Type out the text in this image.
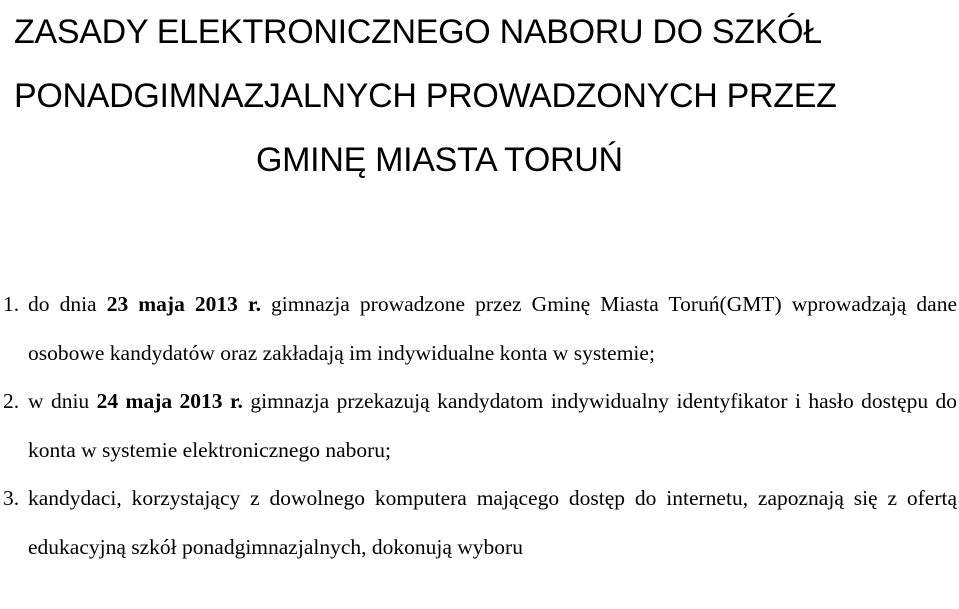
ZASADY ELEKTRONICZNEGO NABORU DO SZKÓŁ
PONADGIMNAZJALNYCH PROWADZONYCH PRZEZ
GMINĘ MIASTA TORUŃ
1. do dnia 23 maja 2013 r. gimnazja prowadzone przez Gminę Miasta Toruń(GMT) wprowadzają dane osobowe kandydatów oraz zakładają im indywidualne konta w systemie;
2. w dniu 24 maja 2013 r. gimnazja przekazują kandydatom indywidualny identyfikator i hasło dostępu do konta w systemie elektronicznego naboru;
3. kandydaci, korzystający z dowolnego komputera mającego dostęp do internetu, zapoznają się z ofertą edukacyjną szkół ponadgimnazjalnych, dokonują wyboru
